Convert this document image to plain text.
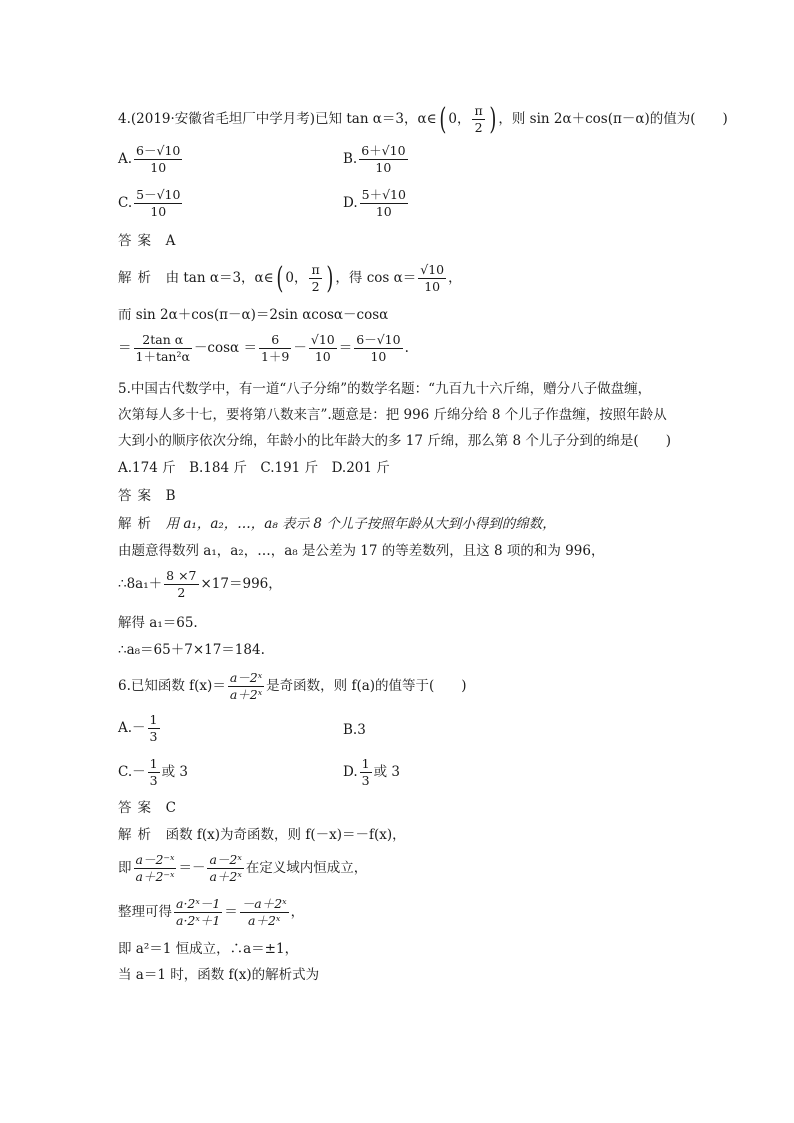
4.(2019·安徽省毛坦厂中学月考)已知 tan α＝3，α∈( 0， $\frac{\pi}{2}$ ) ，则 sin 2α＋cos(π－α)的值为(　　)
A. $\frac{6-√10}{10}$	B. $\frac{6+√10}{10}$
C. $\frac{5-√10}{10}$	D. $\frac{5+√10}{10}$
答案 A
解析 由 tan α＝3，α∈( 0， $\frac{\pi}{2}$ ) ，得 $\cos \alpha= \frac{√10}{10}$ ，
而 sin 2α＋cos(π－α)＝2sin αcosα－cosα
＝ $\frac{\text{2tan α}}{\text{1＋tan²α}} -\cos\alpha = \frac{6}{1+9} - \frac{√10}{10} = \frac{6-√10}{10}$ .
5.中国古代数学中，有一道“八子分绵”的数学名题：“九百九十六斤绵，赠分八子做盘缠，
次第每人多十七，要将第八数来言”.题意是：把 996 斤绵分给 8 个儿子作盘缠，按照年龄从
大到小的顺序依次分绵，年龄小的比年龄大的多 17 斤绵，那么第 8 个儿子分到的绵是(　　)
A.174 斤　B.184 斤　C.191 斤　D.201 斤
答案 B
解析 用 a₁，a₂，…，a₈ 表示 8 个儿子按照年龄从大到小得到的绵数，
由题意得数列 a₁，a₂，…，a₈ 是公差为 17 的等差数列，且这 8 项的和为 996，
∴8a₁＋ $\frac{8 \times 7}{2} \times 17=996$，
解得 a₁＝65.
∴a₈＝65＋7×17＝184.
6.已知函数 $f(x)= \frac{\text{a－2ˣ}}{\text{a＋2ˣ}}$ 是奇函数，则 f(a)的值等于(　　)
$A.- \frac{1}{3}$	B.3
$C.- \frac{1}{3}$ 或 3	D. $\frac{1}{3}$ 或 3
答案 C
解析 函数 f(x)为奇函数，则 f(－x)＝－f(x)，
即 $\frac{\text{a－2⁻ˣ}}{\text{a＋2⁻ˣ}} =- \frac{\text{a－2ˣ}}{\text{a＋2ˣ}}$ 在定义域内恒成立，
整理可得 $\frac{\text{a·2ˣ－1}}{\text{a·2ˣ＋1}} = \frac{\text{－a＋2ˣ}}{\text{a＋2ˣ}}$ ，
即 a²＝1 恒成立，∴a＝±1，
当 a＝1 时，函数 f(x)的解析式为
